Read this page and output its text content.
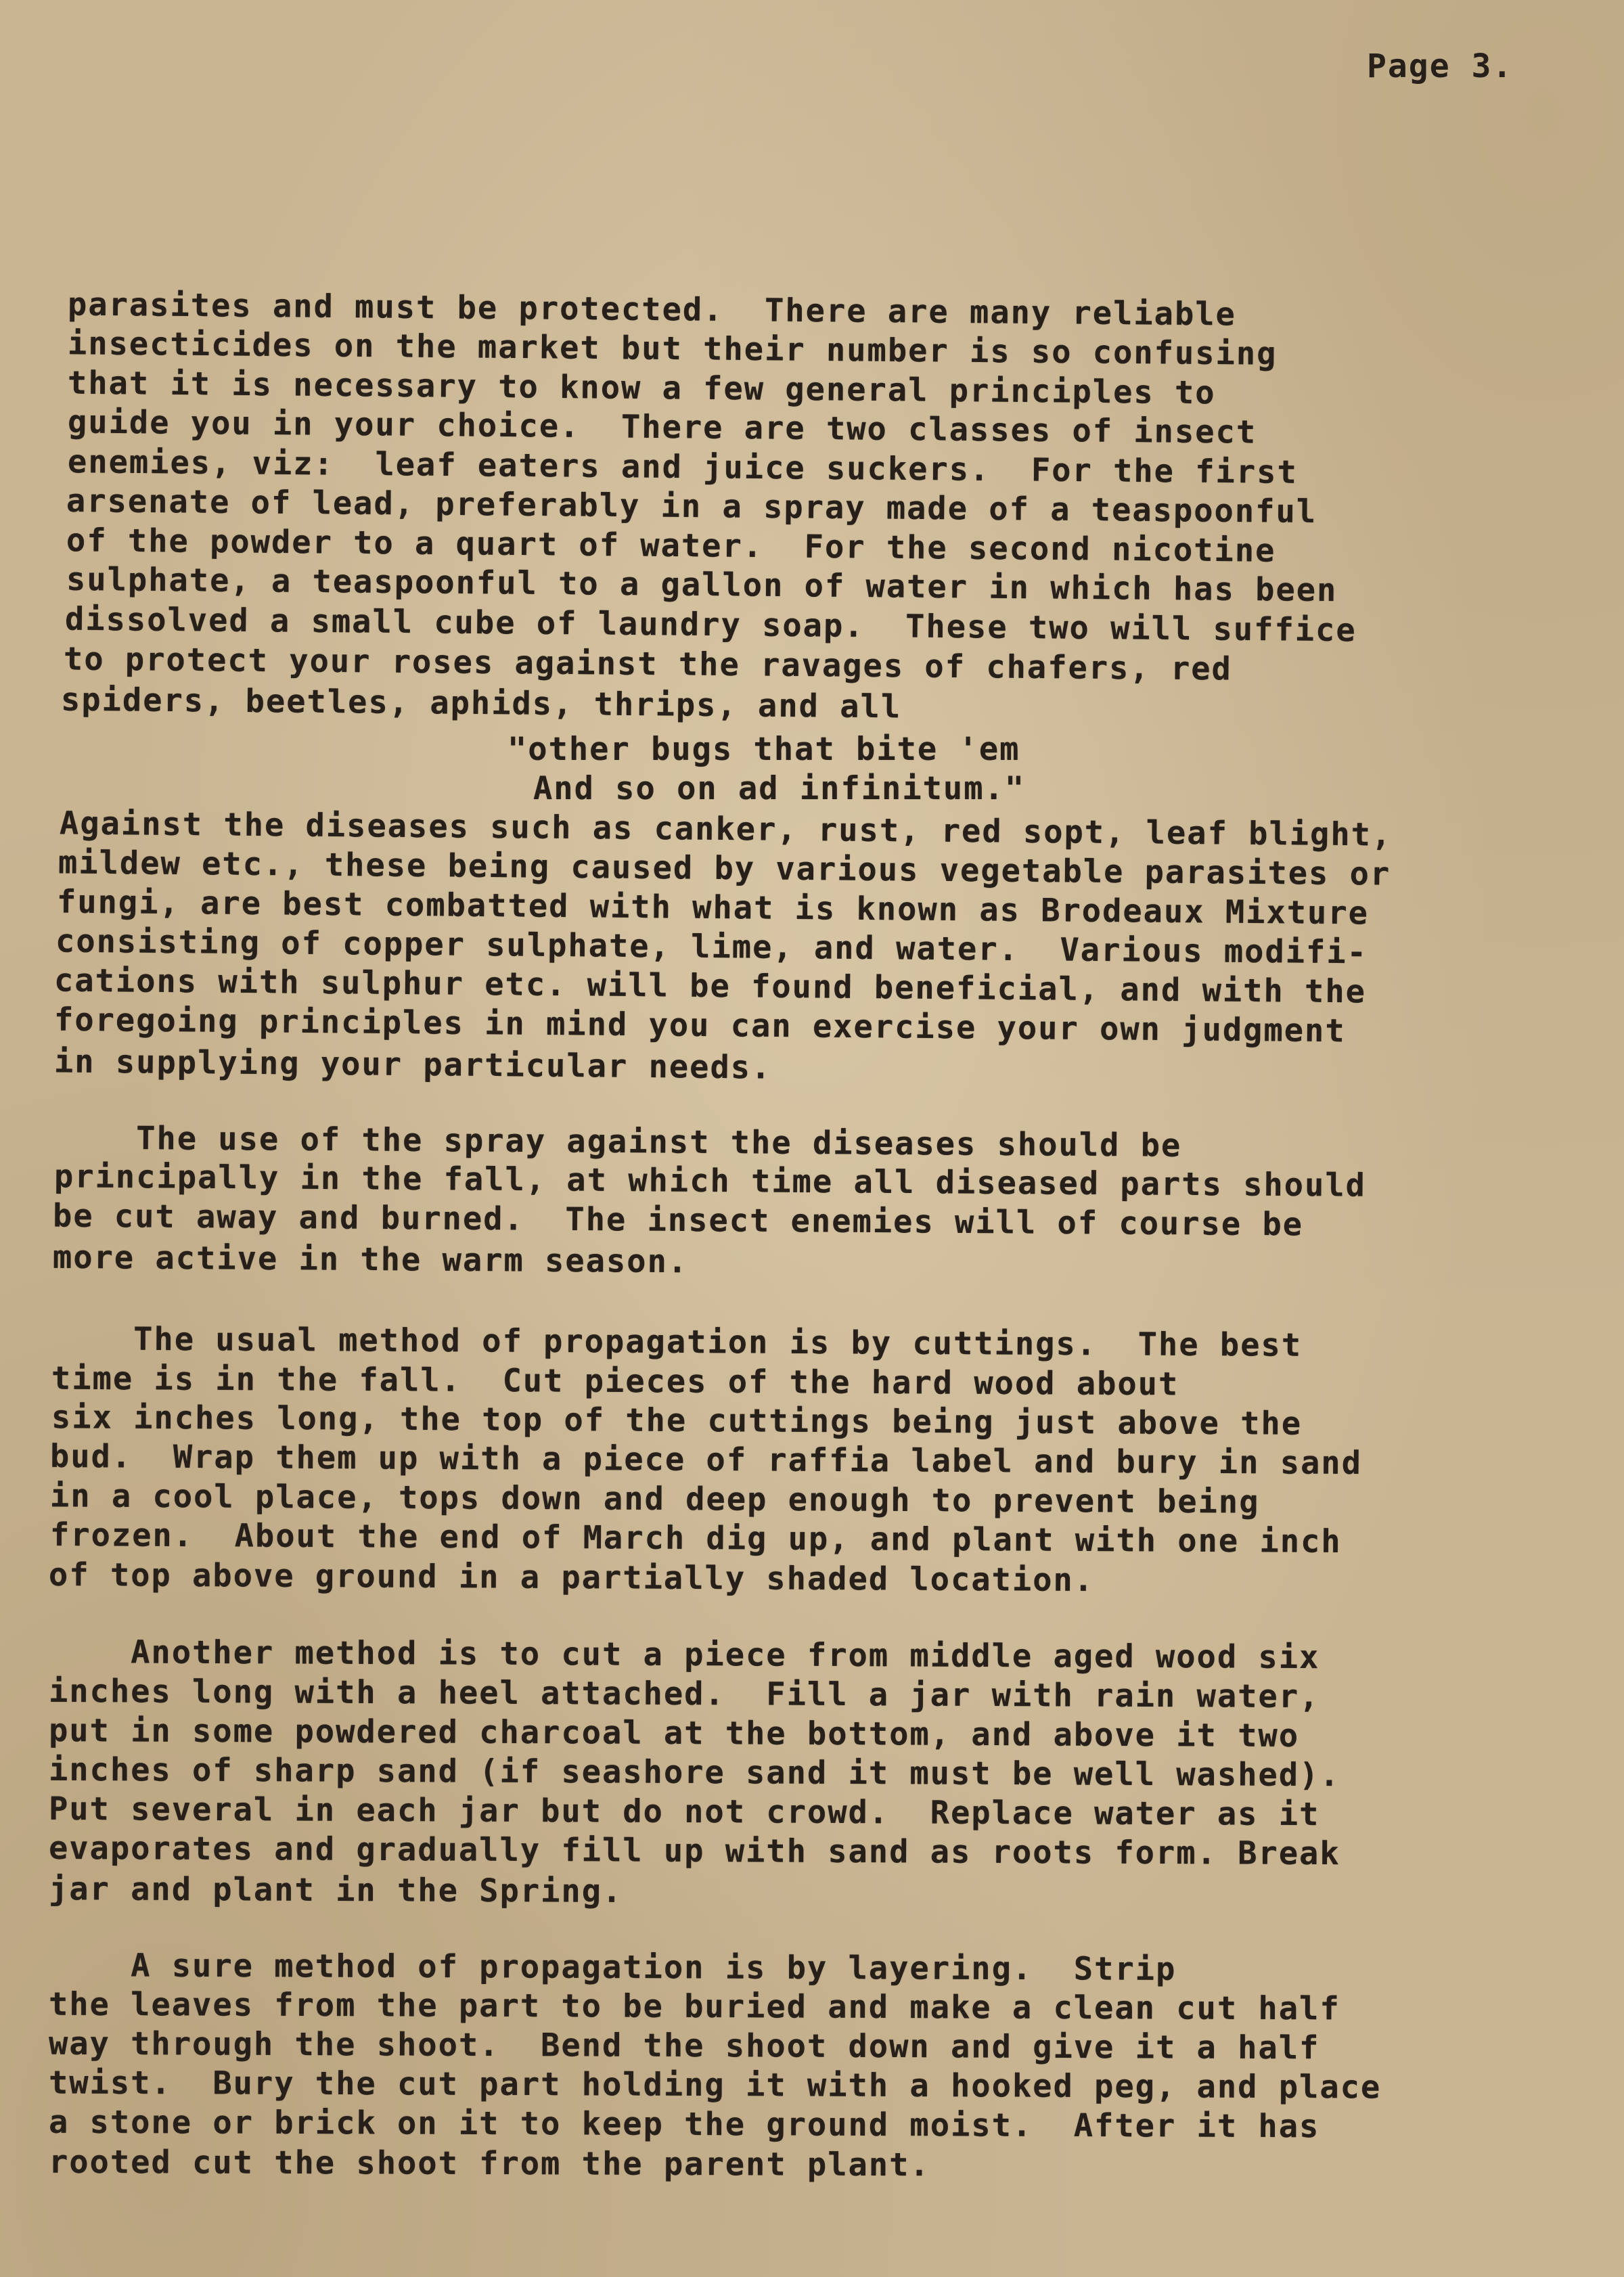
Page 3.
parasites and must be protected.  There are many reliable
insecticides on the market but their number is so confusing
that it is necessary to know a few general principles to
guide you in your choice.  There are two classes of insect
enemies, viz:  leaf eaters and juice suckers.  For the first
arsenate of lead, preferably in a spray made of a teaspoonful
of the powder to a quart of water.  For the second nicotine
sulphate, a teaspoonful to a gallon of water in which has been
dissolved a small cube of laundry soap.  These two will suffice
to protect your roses against the ravages of chafers, red
spiders, beetles, aphids, thrips, and all
"other bugs that bite 'em
And so on ad infinitum."
Against the diseases such as canker, rust, red sopt, leaf blight,
mildew etc., these being caused by various vegetable parasites or
fungi, are best combatted with what is known as Brodeaux Mixture
consisting of copper sulphate, lime, and water.  Various modifi-
cations with sulphur etc. will be found beneficial, and with the
foregoing principles in mind you can exercise your own judgment
in supplying your particular needs.
The use of the spray against the diseases should be
principally in the fall, at which time all diseased parts should
be cut away and burned.  The insect enemies will of course be
more active in the warm season.
The usual method of propagation is by cuttings.  The best
time is in the fall.  Cut pieces of the hard wood about
six inches long, the top of the cuttings being just above the
bud.  Wrap them up with a piece of raffia label and bury in sand
in a cool place, tops down and deep enough to prevent being
frozen.  About the end of March dig up, and plant with one inch
of top above ground in a partially shaded location.
Another method is to cut a piece from middle aged wood six
inches long with a heel attached.  Fill a jar with rain water,
put in some powdered charcoal at the bottom, and above it two
inches of sharp sand (if seashore sand it must be well washed).
Put several in each jar but do not crowd.  Replace water as it
evaporates and gradually fill up with sand as roots form. Break
jar and plant in the Spring.
A sure method of propagation is by layering.  Strip
the leaves from the part to be buried and make a clean cut half
way through the shoot.  Bend the shoot down and give it a half
twist.  Bury the cut part holding it with a hooked peg, and place
a stone or brick on it to keep the ground moist.  After it has
rooted cut the shoot from the parent plant.
